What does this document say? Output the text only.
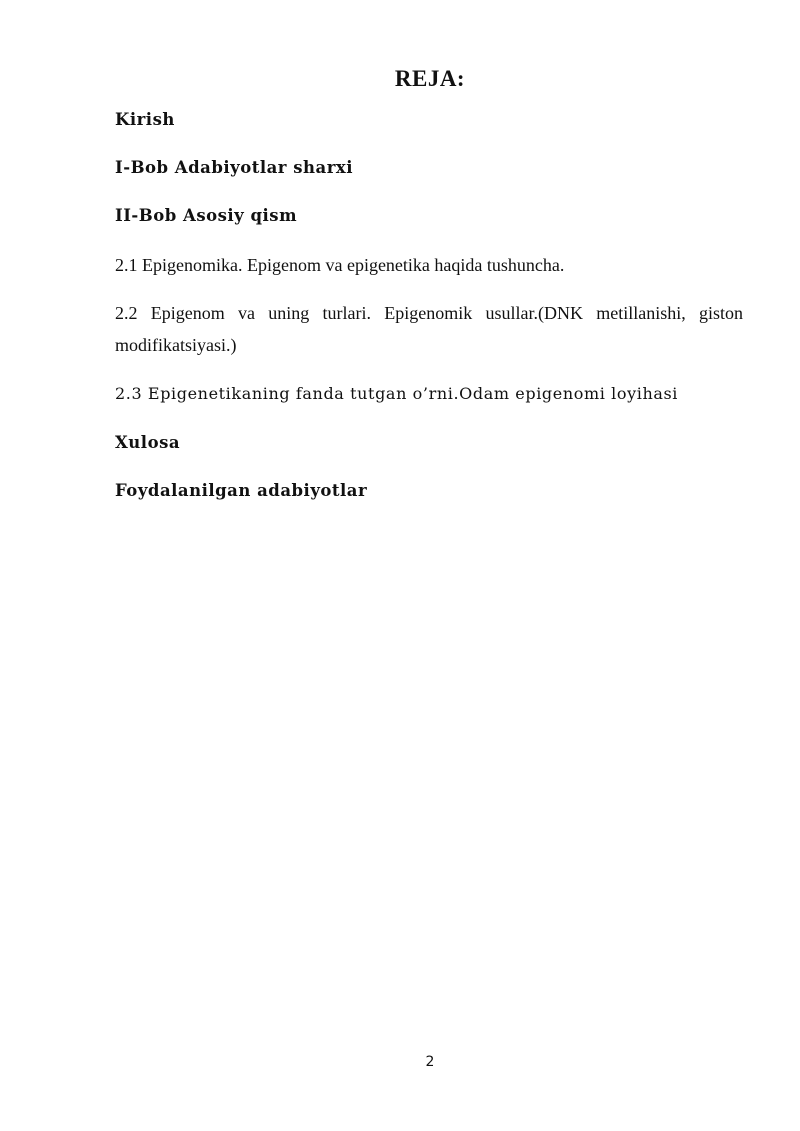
REJA:

Kirish

I-Bob Adabiyotlar sharxi

II-Bob Asosiy qism

2.1 Epigenomika. Epigenom va epigenetika haqida tushuncha.

2.2 Epigenom va uning turlari. Epigenomik usullar.(DNK metillanishi, giston modifikatsiyasi.)

2.3 Epigenetikaning fanda tutgan o’rni.Odam epigenomi loyihasi

Xulosa

Foydalanilgan adabiyotlar

2
